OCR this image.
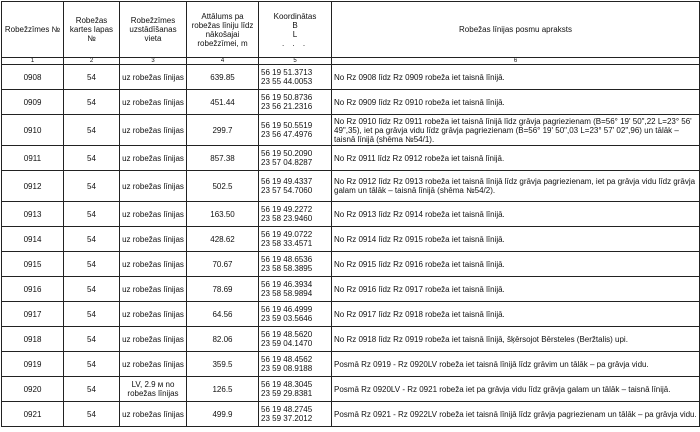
Robežzīmes №	Robežas kartes lapas №	Robežzīmes uzstādīšanas vieta	Attālums pa robežas līniju līdz nākošajai robežzīmei, m	Koordinātas
B
L
. . .	Robežas līnijas posmu apraksts
1	2	3	4	5	6
0908	54	uz robežas līnijas	639.85	56 19 51.3713
23 55 44.0053	No Rz 0908 līdz Rz 0909 robeža iet taisnā līnijā.
0909	54	uz robežas līnijas	451.44	56 19 50.8736
23 56 21.2316	No Rz 0909 līdz Rz 0910 robeža iet taisnā līnijā.
0910	54	uz robežas līnijas	299.7	56 19 50.5519
23 56 47.4976	No Rz 0910 līdz Rz 0911 robeža iet taisnā līnijā līdz grāvja pagriezienam (B=56° 19' 50",22 L=23° 56' 49",35), iet pa grāvja vidu līdz grāvja pagriezienam (B=56° 19' 50",03 L=23° 57' 02",96) un tālāk – taisnā līnijā (shēma №54/1).
0911	54	uz robežas līnijas	857.38	56 19 50.2090
23 57 04.8287	No Rz 0911 līdz Rz 0912 robeža iet taisnā līnijā.
0912	54	uz robežas līnijas	502.5	56 19 49.4337
23 57 54.7060	No Rz 0912 līdz Rz 0913 robeža iet taisnā līnijā līdz grāvja pagriezienam, iet pa grāvja vidu līdz grāvja galam un tālāk – taisnā līnijā (shēma №54/2).
0913	54	uz robežas līnijas	163.50	56 19 49.2272
23 58 23.9460	No Rz 0913 līdz Rz 0914 robeža iet taisnā līnijā.
0914	54	uz robežas līnijas	428.62	56 19 49.0722
23 58 33.4571	No Rz 0914 līdz Rz 0915 robeža iet taisnā līnijā.
0915	54	uz robežas līnijas	70.67	56 19 48.6536
23 58 58.3895	No Rz 0915 līdz Rz 0916 robeža iet taisnā līnijā.
0916	54	uz robežas līnijas	78.69	56 19 46.3934
23 58 58.9894	No Rz 0916 līdz Rz 0917 robeža iet taisnā līnijā.
0917	54	uz robežas līnijas	64.56	56 19 46.4999
23 59 03.5646	No Rz 0917 līdz Rz 0918 robeža iet taisnā līnijā.
0918	54	uz robežas līnijas	82.06	56 19 48.5620
23 59 04.1470	No Rz 0918 līdz Rz 0919 robeža iet taisnā līnijā, šķērsojot Bērsteles (Beržtalis) upi.
0919	54	uz robežas līnijas	359.5	56 19 48.4562
23 59 08.9188	Posmā Rz 0919 - Rz 0920LV robeža iet taisnā līnijā līdz grāvim un tālāk – pa grāvja vidu.
0920	54	LV, 2.9 м no robežas līnijas	126.5	56 19 48.3045
23 59 29.8381	Posmā Rz 0920LV - Rz 0921 robeža iet pa grāvja vidu līdz grāvja galam un tālāk – taisnā līnijā.
0921	54	uz robežas līnijas	499.9	56 19 48.2745
23 59 37.2012	Posmā Rz 0921 - Rz 0922LV robeža iet taisnā līnijā līdz grāvja pagriezienam un tālāk – pa grāvja vidu.
